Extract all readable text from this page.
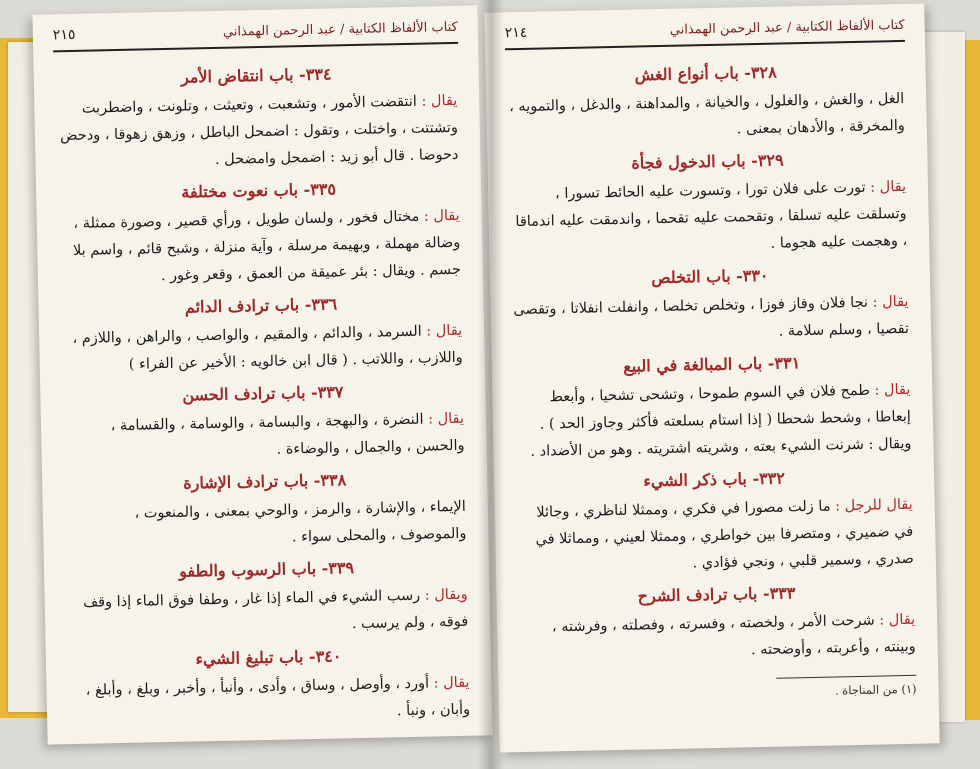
كتاب الألفاظ الكتابية / عبد الرحمن الهمذاني
٢١٥
٣٣٤- باب انتقاض الأمر
يقال : انتقضت الأمور ، وتشعبت ، وتعيثت ، وتلونت ، واضطربت وتشتتت ، واختلت ، وتقول : اضمحل الباطل ، وزهق زهوقا ، ودحض دحوضا . قال أبو زيد : اضمحل وامضحل .
٣٣٥- باب نعوت مختلفة
يقال : مختال فخور ، ولسان طويل ، ورأي قصير ، وصورة ممثلة ، وضالة مهملة ، وبهيمة مرسلة ، وآية منزلة ، وشبح قائم ، واسم بلا جسم . ويقال : بئر عميقة من العمق ، وقعر وغور .
٣٣٦- باب ترادف الدائم
يقال : السرمد ، والدائم ، والمقيم ، والواصب ، والراهن ، واللازم ، واللازب ، واللاتب . ( قال ابن خالويه : الأخير عن الفراء )
٣٣٧- باب ترادف الحسن
يقال : النضرة ، والبهجة ، والبسامة ، والوسامة ، والقسامة ، والحسن ، والجمال ، والوضاءة .
٣٣٨- باب ترادف الإشارة
الإيماء ، والإشارة ، والرمز ، والوحي بمعنى ، والمنعوت ، والموصوف ، والمحلى سواء .
٣٣٩- باب الرسوب والطفو
ويقال : رسب الشيء في الماء إذا غار ، وطفا فوق الماء إذا وقف فوقه ، ولم يرسب .
٣٤٠- باب تبليغ الشيء
يقال : أورد ، وأوصل ، وساق ، وأدى ، وأنبأ ، وأخبر ، وبلغ ، وأبلغ ، وأبان ، ونبأ .
كتاب الألفاظ الكتابية / عبد الرحمن الهمذاني
٢١٤
٣٢٨- باب أنواع الغش
الغل ، والغش ، والغلول ، والخيانة ، والمداهنة ، والدغل ، والتمويه ، والمخرقة ، والأدهان بمعنى .
٣٢٩- باب الدخول فجأة
يقال : تورت على فلان تورا ، وتسورت عليه الحائط تسورا ، وتسلقت عليه تسلقا ، وتقحمت عليه تقحما ، واندمقت عليه اندماقا ، وهجمت عليه هجوما .
٣٣٠- باب التخلص
يقال : نجا فلان وفاز فوزا ، وتخلص تخلصا ، وانفلت انفلاتا ، وتقصى تقصيا ، وسلم سلامة .
٣٣١- باب المبالغة في البيع
يقال : طمح فلان في السوم طموحا ، وتشحى تشحيا ، وأبعط إبعاطا ، وشحط شحطا ( إذا استام بسلعته فأكثر وجاوز الحد ) . ويقال : شرنت الشيء بعته ، وشريته اشتريته . وهو من الأضداد .
٣٣٢- باب ذكر الشيء
يقال للرجل : ما زلت مصورا في فكري ، وممثلا لناظري ، وجائلا في ضميري ، ومتصرفا بين خواطري ، وممثلا لعيني ، ومماثلا في صدري ، وسمير قلبي ، ونجي فؤادي .
٣٣٣- باب ترادف الشرح
يقال : شرحت الأمر ، ولخصته ، وفسرته ، وفصلته ، وفرشته ، وبينته ، وأعربته ، وأوضحته .
(١) من المناجاة .
